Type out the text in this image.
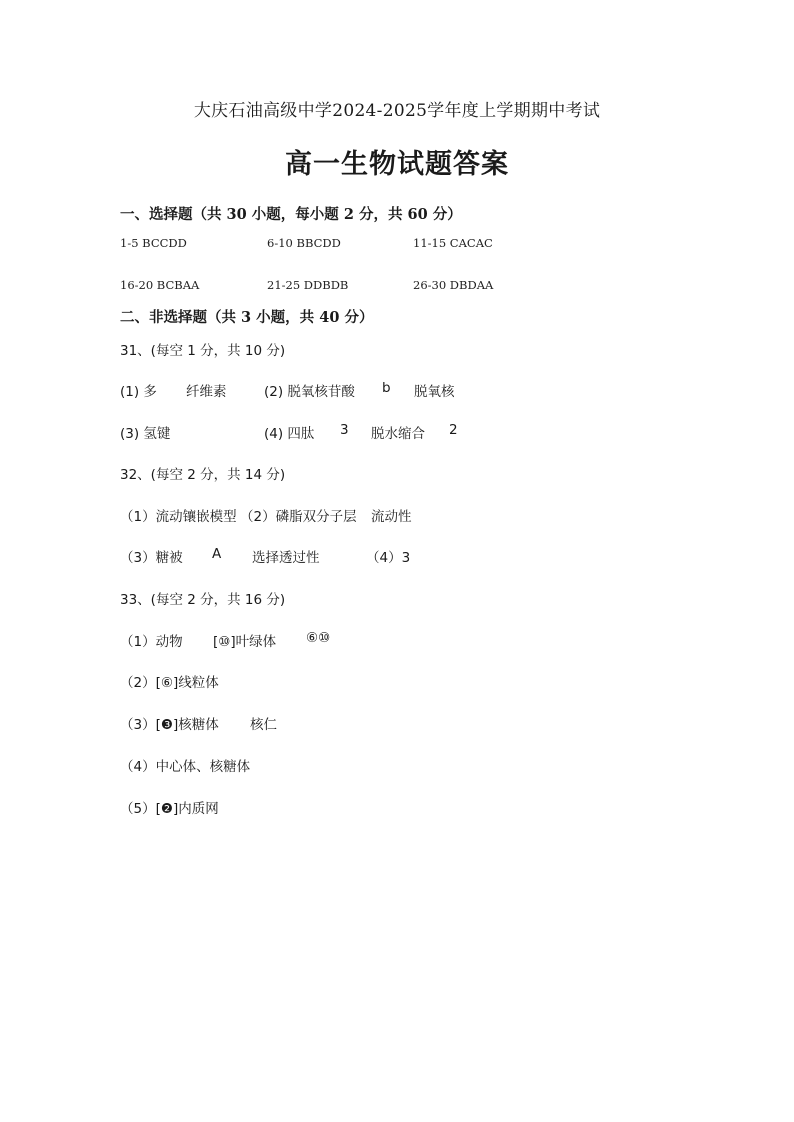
大庆石油高级中学2024-2025学年度上学期期中考试
高一生物试题答案
一、选择题（共 30 小题，每小题 2 分，共 60 分）
1-5 BCCDD	6-10 BBCDD	11-15 CACAC
16-20 BCBAA	21-25 DDBDB	26-30 DBDAA
二、非选择题（共 3 小题，共 40 分）
31、(每空 1 分，共 10 分)
(1) 多 纤维素	(2) 脱氧核苷酸 b 脱氧核
(3) 氢键	(4) 四肽 3 脱水缩合 2
32、(每空 2 分，共 14 分)
（1）流动镶嵌模型 （2）磷脂双分子层 流动性
（3）糖被 A 选择透过性	（4）3
33、(每空 2 分，共 16 分)
（1）动物 [⑩]叶绿体 ⑥⑩
（2）[⑥]线粒体
（3）[❸]核糖体 核仁
（4）中心体、核糖体
（5）[❷]内质网
